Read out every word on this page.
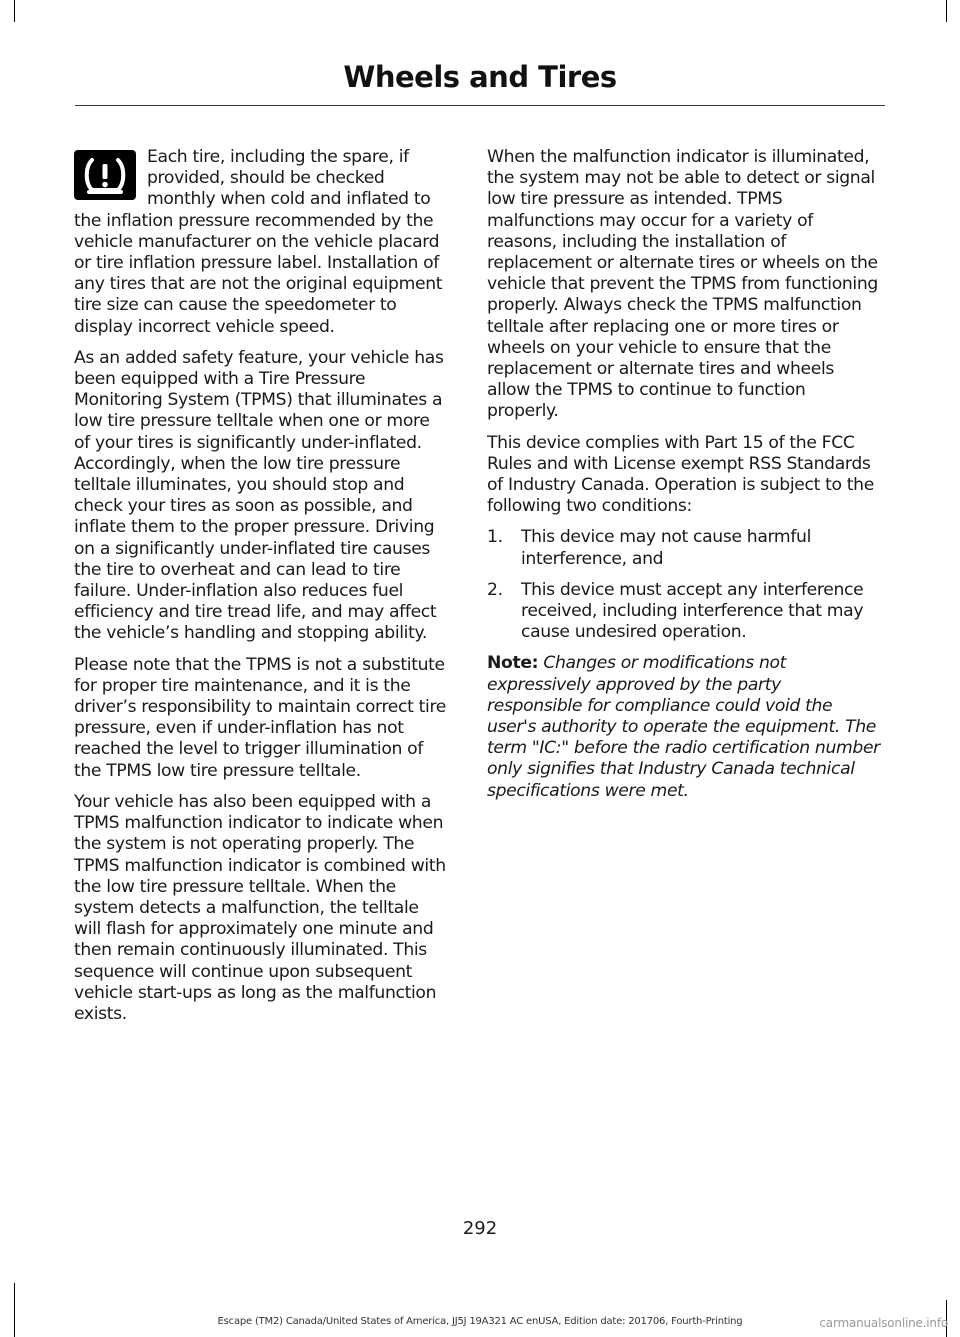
Wheels and Tires

Each tire, including the spare, if provided, should be checked monthly when cold and inflated to the inflation pressure recommended by the vehicle manufacturer on the vehicle placard or tire inflation pressure label. Installation of any tires that are not the original equipment tire size can cause the speedometer to display incorrect vehicle speed.

As an added safety feature, your vehicle has been equipped with a Tire Pressure Monitoring System (TPMS) that illuminates a low tire pressure telltale when one or more of your tires is significantly under-inflated. Accordingly, when the low tire pressure telltale illuminates, you should stop and check your tires as soon as possible, and inflate them to the proper pressure. Driving on a significantly under-inflated tire causes the tire to overheat and can lead to tire failure. Under-inflation also reduces fuel efficiency and tire tread life, and may affect the vehicle’s handling and stopping ability.

Please note that the TPMS is not a substitute for proper tire maintenance, and it is the driver’s responsibility to maintain correct tire pressure, even if under-inflation has not reached the level to trigger illumination of the TPMS low tire pressure telltale.

Your vehicle has also been equipped with a TPMS malfunction indicator to indicate when the system is not operating properly. The TPMS malfunction indicator is combined with the low tire pressure telltale. When the system detects a malfunction, the telltale will flash for approximately one minute and then remain continuously illuminated. This sequence will continue upon subsequent vehicle start-ups as long as the malfunction exists.

When the malfunction indicator is illuminated, the system may not be able to detect or signal low tire pressure as intended. TPMS malfunctions may occur for a variety of reasons, including the installation of replacement or alternate tires or wheels on the vehicle that prevent the TPMS from functioning properly. Always check the TPMS malfunction telltale after replacing one or more tires or wheels on your vehicle to ensure that the replacement or alternate tires and wheels allow the TPMS to continue to function properly.

This device complies with Part 15 of the FCC Rules and with License exempt RSS Standards of Industry Canada. Operation is subject to the following two conditions:

1. This device may not cause harmful interference, and
2. This device must accept any interference received, including interference that may cause undesired operation.

Note: Changes or modifications not expressively approved by the party responsible for compliance could void the user's authority to operate the equipment. The term "IC:" before the radio certification number only signifies that Industry Canada technical specifications were met.

292
Escape (TM2) Canada/United States of America, JJ5J 19A321 AC enUSA, Edition date: 201706, Fourth-Printing	carmanualsonline.info
